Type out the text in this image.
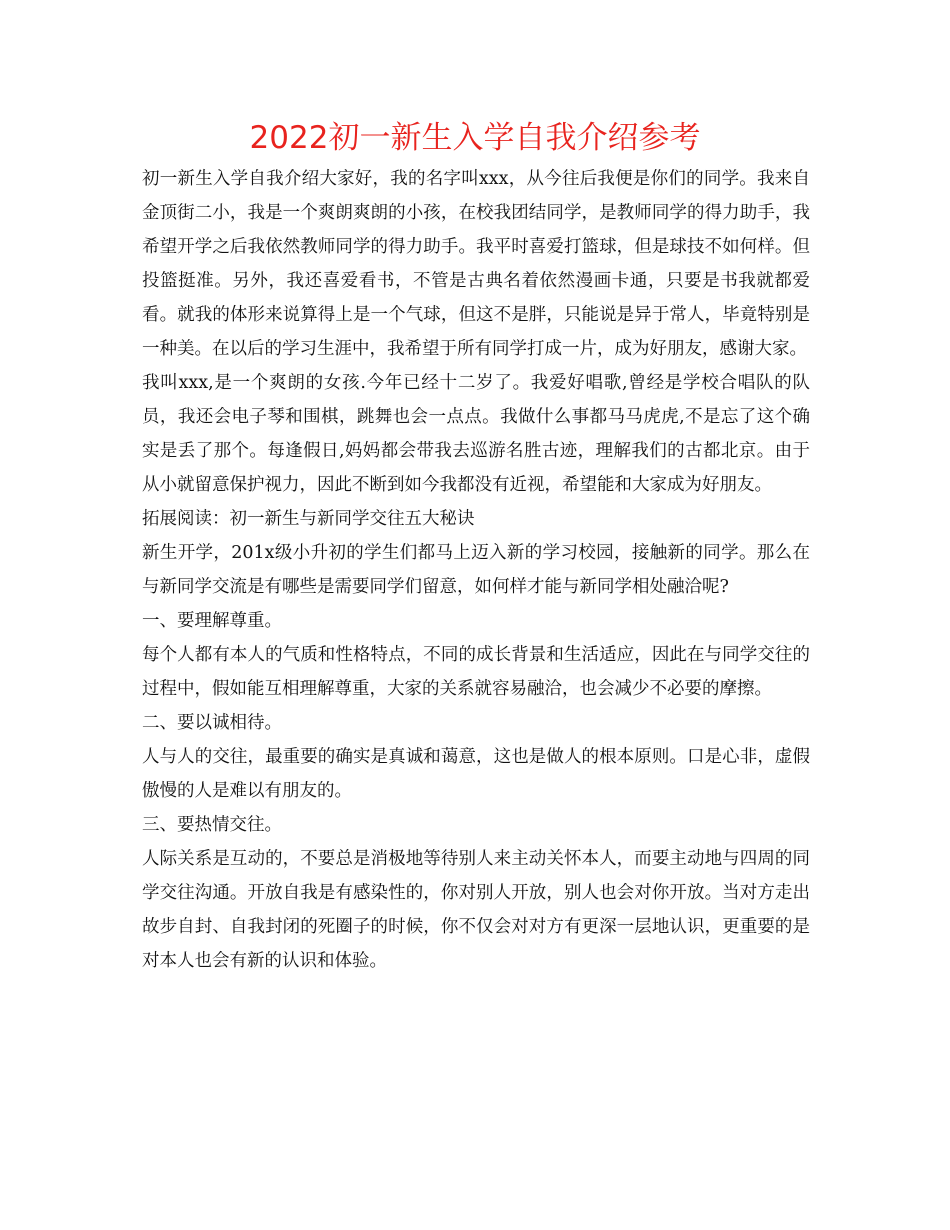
2022初一新生入学自我介绍参考

初一新生入学自我介绍大家好，我的名字叫xxx，从今往后我便是你们的同学。我来自金顶街二小，我是一个爽朗爽朗的小孩，在校我团结同学，是教师同学的得力助手，我希望开学之后我依然教师同学的得力助手。我平时喜爱打篮球，但是球技不如何样。但投篮挺准。另外，我还喜爱看书，不管是古典名着依然漫画卡通，只要是书我就都爱看。就我的体形来说算得上是一个气球，但这不是胖，只能说是异于常人，毕竟特别是一种美。在以后的学习生涯中，我希望于所有同学打成一片，成为好朋友，感谢大家。

我叫xxx,是一个爽朗的女孩.今年已经十二岁了。我爱好唱歌,曾经是学校合唱队的队员，我还会电子琴和围棋，跳舞也会一点点。我做什么事都马马虎虎,不是忘了这个确实是丢了那个。每逢假日,妈妈都会带我去巡游名胜古迹，理解我们的古都北京。由于从小就留意保护视力，因此不断到如今我都没有近视，希望能和大家成为好朋友。

拓展阅读：初一新生与新同学交往五大秘诀

新生开学，201x级小升初的学生们都马上迈入新的学习校园，接触新的同学。那么在与新同学交流是有哪些是需要同学们留意，如何样才能与新同学相处融洽呢?

一、要理解尊重。

每个人都有本人的气质和性格特点，不同的成长背景和生活适应，因此在与同学交往的过程中，假如能互相理解尊重，大家的关系就容易融洽，也会减少不必要的摩擦。

二、要以诚相待。

人与人的交往，最重要的确实是真诚和蔼意，这也是做人的根本原则。口是心非，虚假傲慢的人是难以有朋友的。

三、要热情交往。

人际关系是互动的，不要总是消极地等待别人来主动关怀本人，而要主动地与四周的同学交往沟通。开放自我是有感染性的，你对别人开放，别人也会对你开放。当对方走出故步自封、自我封闭的死圈子的时候，你不仅会对对方有更深一层地认识，更重要的是对本人也会有新的认识和体验。
